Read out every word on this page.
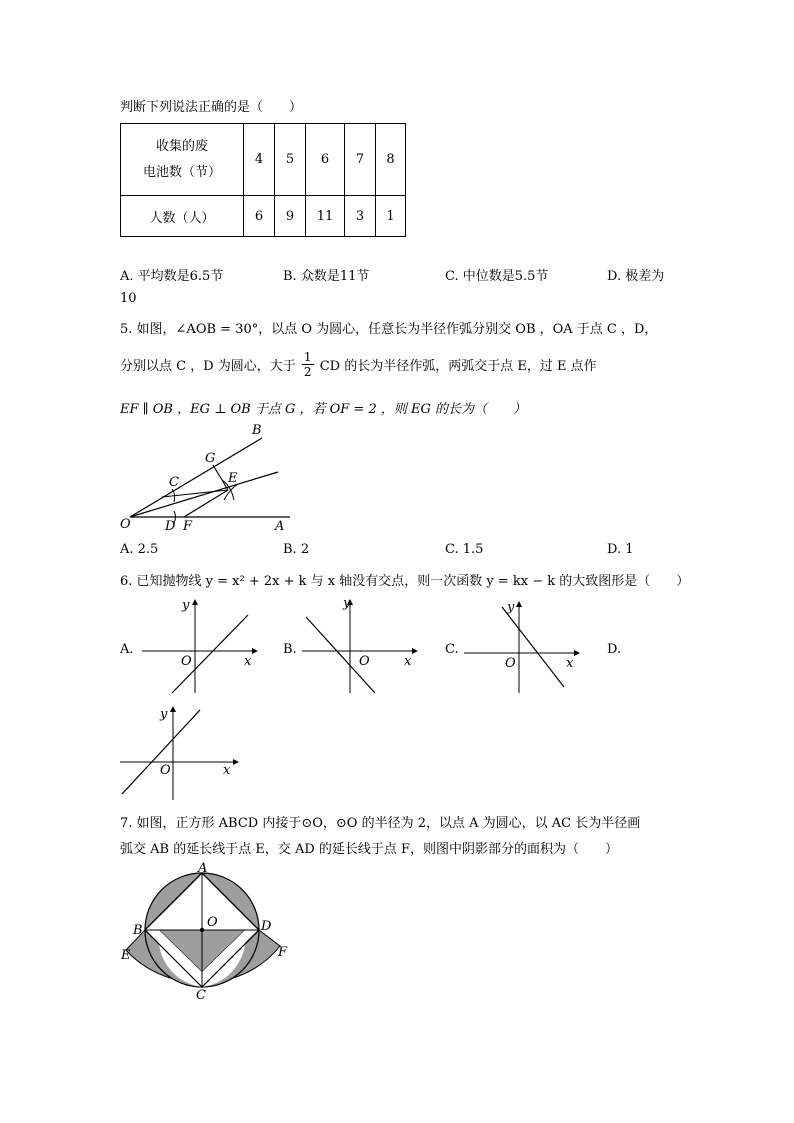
判断下列说法正确的是（　　）
收集的废
电池数（节）	4	5	6	7	8
人数（人）	6	9	11	3	1
A. 平均数是6.5节	B. 众数是11节	C. 中位数是5.5节	D. 极差为
10
5. 如图，∠AOB = 30°，以点 O 为圆心，任意长为半径作弧分别交 OB ，OA 于点 C ，D，
分别以点 C ，D 为圆心，大于 $\frac{1}{2}$ CD 的长为半径作弧，两弧交于点 E，过 E 点作
EF ∥ OB ，EG ⊥ OB 于点 G ，若 OF = 2 ，则 EG 的长为（　　）
B
G
C	E
O	D F	A
A. 2.5	B. 2	C. 1.5	D. 1
6. 已知抛物线 y = x² + 2x + k 与 x 轴没有交点，则一次函数 y = kx − k 的大致图形是（　　）
A.
y
x
O
B.
y
x
O
C.
y
x
O
D.
y
x
O
7. 如图，正方形 ABCD 内接于⊙O，⊙O 的半径为 2，以点 A 为圆心，以 AC 长为半径画
弧交 AB 的延长线于点 E，交 AD 的延长线于点 F，则图中阴影部分的面积为（　　）
A
B	D
C
E	F
O
